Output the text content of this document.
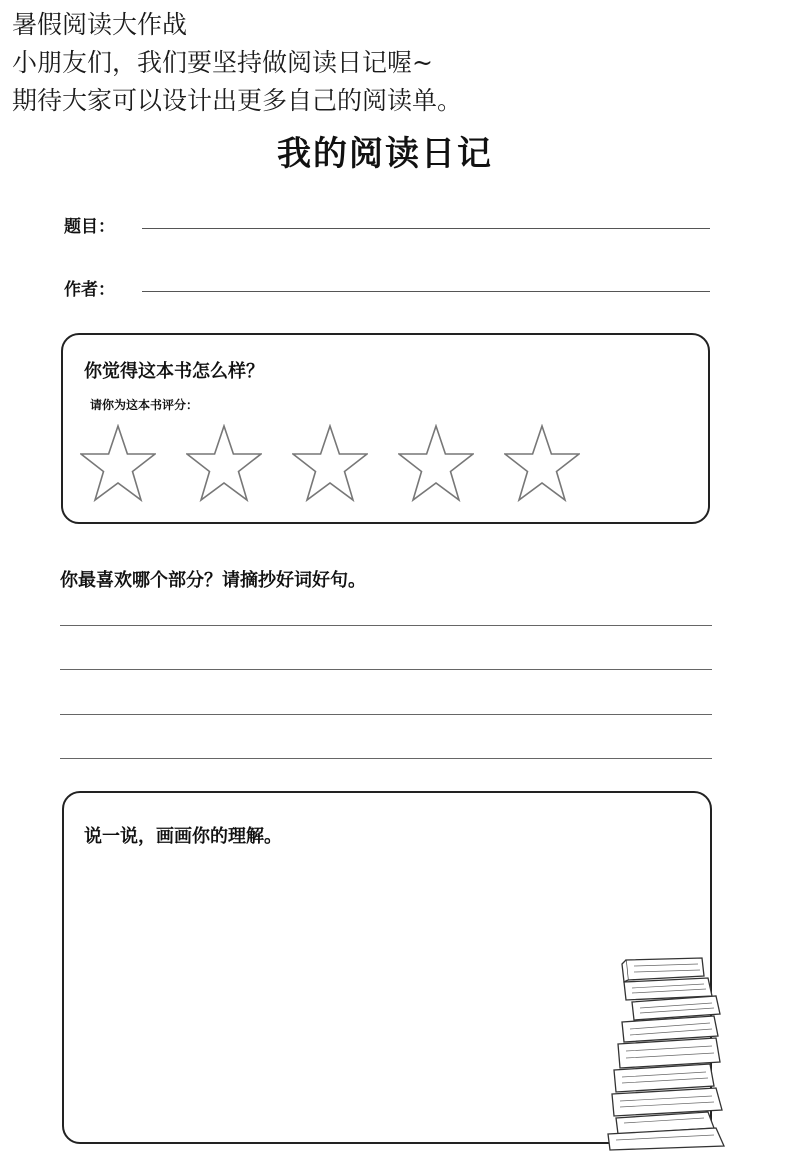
暑假阅读大作战
小朋友们，我们要坚持做阅读日记喔~
期待大家可以设计出更多自己的阅读单。
我的阅读日记
题目：
作者：
你觉得这本书怎么样？
请你为这本书评分：
你最喜欢哪个部分？请摘抄好词好句。
说一说，画画你的理解。
